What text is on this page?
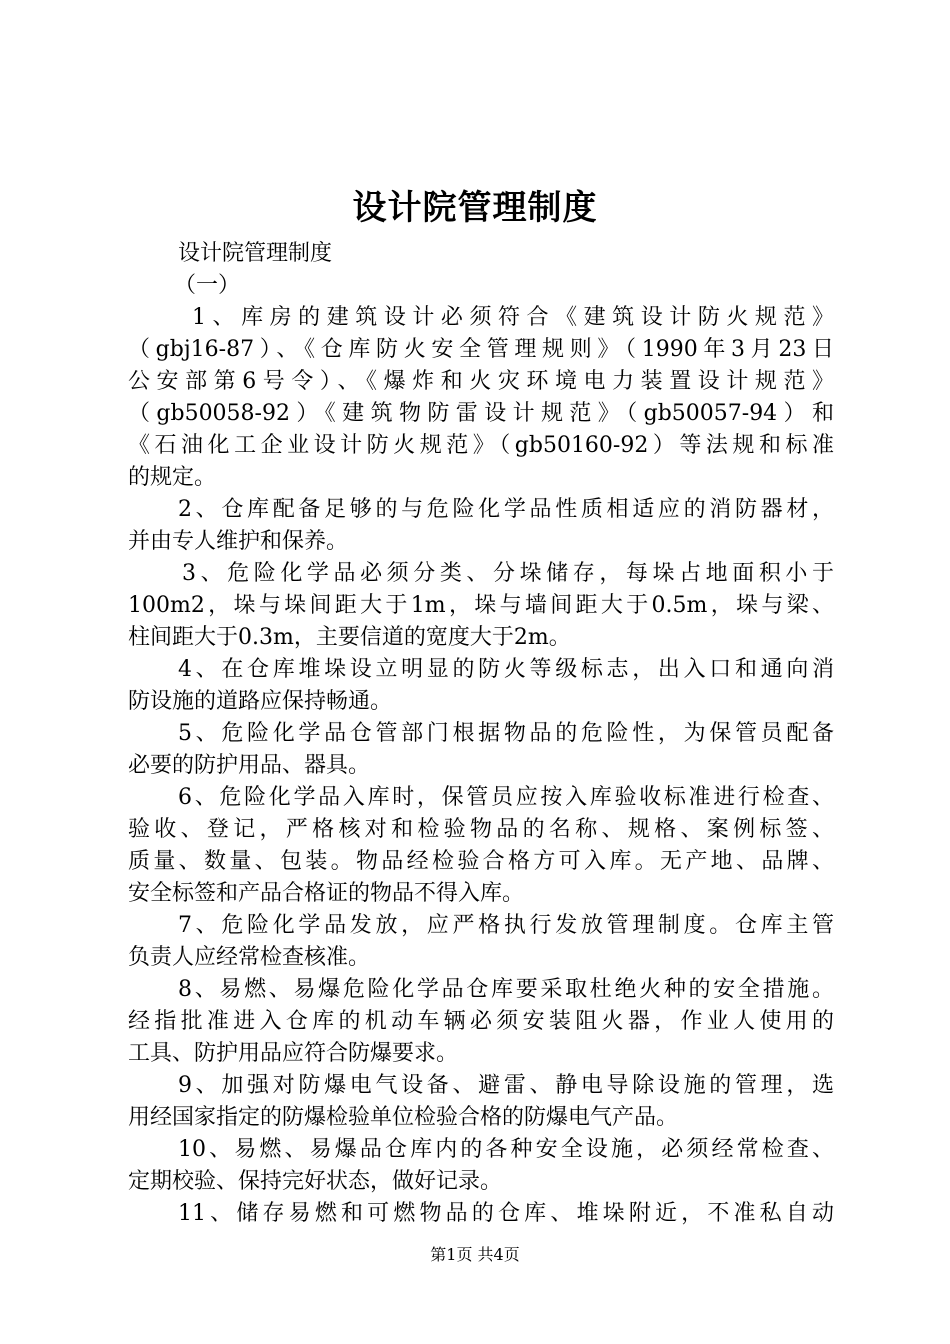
设计院管理制度
设计院管理制度
（一）
1、库房的建筑设计必须符合《建筑设计防火规范》
（gbj16-87）、《仓库防火安全管理规则》（1990年3月23日
公安部第6号令）、《爆炸和火灾环境电力装置设计规范》
（gb50058-92）《建筑物防雷设计规范》（gb50057-94）和
《石油化工企业设计防火规范》（gb50160-92）等法规和标准
的规定。
2、仓库配备足够的与危险化学品性质相适应的消防器材，
并由专人维护和保养。
3、危险化学品必须分类、分垛储存，每垛占地面积小于
100m2，垛与垛间距大于1m，垛与墙间距大于0.5m，垛与梁、
柱间距大于0.3m，主要信道的宽度大于2m。
4、在仓库堆垛设立明显的防火等级标志，出入口和通向消
防设施的道路应保持畅通。
5、危险化学品仓管部门根据物品的危险性，为保管员配备
必要的防护用品、器具。
6、危险化学品入库时，保管员应按入库验收标准进行检查、
验收、登记，严格核对和检验物品的名称、规格、案例标签、
质量、数量、包装。物品经检验合格方可入库。无产地、品牌、
安全标签和产品合格证的物品不得入库。
7、危险化学品发放，应严格执行发放管理制度。仓库主管
负责人应经常检查核准。
8、易燃、易爆危险化学品仓库要采取杜绝火种的安全措施。
经指批准进入仓库的机动车辆必须安装阻火器，作业人使用的
工具、防护用品应符合防爆要求。
9、加强对防爆电气设备、避雷、静电导除设施的管理，选
用经国家指定的防爆检验单位检验合格的防爆电气产品。
10、易燃、易爆品仓库内的各种安全设施，必须经常检查、
定期校验、保持完好状态，做好记录。
11、储存易燃和可燃物品的仓库、堆垛附近，不准私自动
第1页 共4页
